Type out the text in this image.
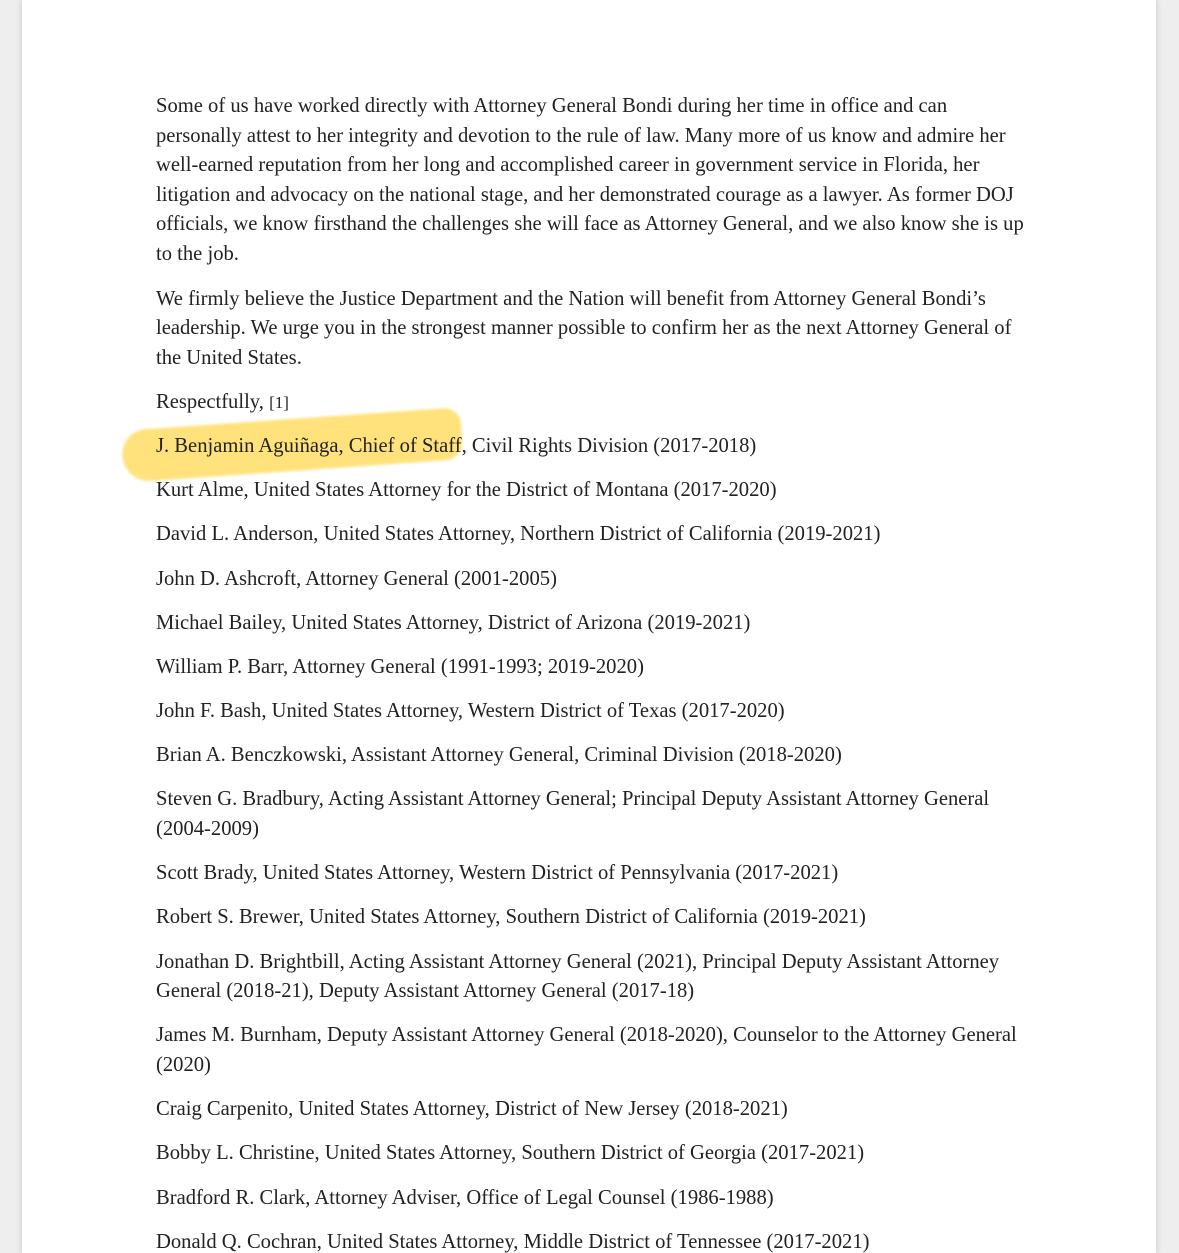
Some of us have worked directly with Attorney General Bondi during her time in office and can personally attest to her integrity and devotion to the rule of law. Many more of us know and admire her well-earned reputation from her long and accomplished career in government service in Florida, her litigation and advocacy on the national stage, and her demonstrated courage as a lawyer. As former DOJ officials, we know firsthand the challenges she will face as Attorney General, and we also know she is up to the job.

We firmly believe the Justice Department and the Nation will benefit from Attorney General Bondi’s leadership. We urge you in the strongest manner possible to confirm her as the next Attorney General of the United States.

Respectfully, [1]

J. Benjamin Aguiñaga, Chief of Staff, Civil Rights Division (2017-2018)

Kurt Alme, United States Attorney for the District of Montana (2017-2020)

David L. Anderson, United States Attorney, Northern District of California (2019-2021)

John D. Ashcroft, Attorney General (2001-2005)

Michael Bailey, United States Attorney, District of Arizona (2019-2021)

William P. Barr, Attorney General (1991-1993; 2019-2020)

John F. Bash, United States Attorney, Western District of Texas (2017-2020)

Brian A. Benczkowski, Assistant Attorney General, Criminal Division (2018-2020)

Steven G. Bradbury, Acting Assistant Attorney General; Principal Deputy Assistant Attorney General (2004-2009)

Scott Brady, United States Attorney, Western District of Pennsylvania (2017-2021)

Robert S. Brewer, United States Attorney, Southern District of California (2019-2021)

Jonathan D. Brightbill, Acting Assistant Attorney General (2021), Principal Deputy Assistant Attorney General (2018-21), Deputy Assistant Attorney General (2017-18)

James M. Burnham, Deputy Assistant Attorney General (2018-2020), Counselor to the Attorney General (2020)

Craig Carpenito, United States Attorney, District of New Jersey (2018-2021)

Bobby L. Christine, United States Attorney, Southern District of Georgia (2017-2021)

Bradford R. Clark, Attorney Adviser, Office of Legal Counsel (1986-1988)

Donald Q. Cochran, United States Attorney, Middle District of Tennessee (2017-2021)
